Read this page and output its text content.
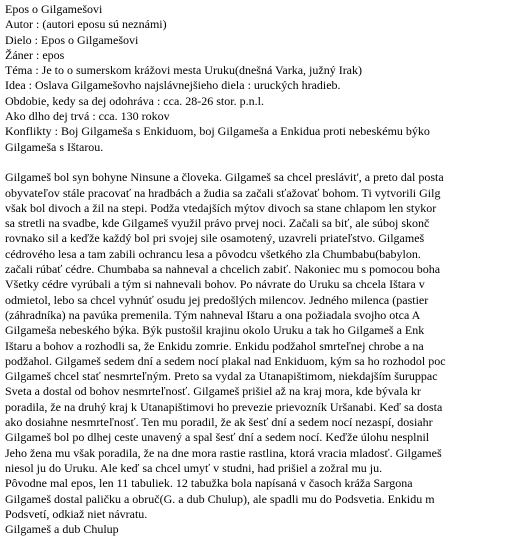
Epos o Gilgamešovi
Autor : (autori eposu sú neznámi)
Dielo : Epos o Gilgamešovi
Žáner : epos
Téma : Je to o sumerskom krážovi mesta Uruku(dnešná Varka, južný Irak)
Idea : Oslava Gilgamešovho najslávnejšieho diela : uruckých hradieb.
Obdobie, kedy sa dej odohráva : cca. 28-26 stor. p.n.l.
Ako dlho dej trvá : cca. 130 rokov
Konflikty : Boj Gilgameša s Enkiduom, boj Gilgameša a Enkidua proti nebeskému býko
Gilgameša s Ištarou.
Gilgameš bol syn bohyne Ninsune a človeka. Gilgameš sa chcel preslávit', a preto dal posta
obyvateľov stále pracovať na hradbách a žudia sa začali sťažovať bohom. Ti vytvorili Gilg
však bol divoch a žil na stepi. Podža vtedajších mýtov divoch sa stane chlapom len stykor
sa stretli na svadbe, kde Gilgameš využil právo prvej noci. Začali sa biť, ale súboj skonč
rovnako sil a keďže každý bol pri svojej sile osamotený, uzavreli priateľstvo. Gilgameš
cédrového lesa a tam zabili ochrancu lesa a pôvodcu všetkého zla Chumbabu(babylon.
začali rúbať cédre. Chumbaba sa nahneval a chcelich zabiť. Nakoniec mu s pomocou boha
Všetky cédre vyrúbali a tým si nahnevali bohov. Po návrate do Uruku sa chcela Ištara v
odmietol, lebo sa chcel vyhnúť osudu jej predošlých milencov. Jedného milenca (pastier
(záhradníka) na pavúka premenila. Tým nahneval Ištaru a ona požiadala svojho otca A
Gilgameša nebeského býka. Býk pustošil krajinu okolo Uruku a tak ho Gilgameš a Enk
Ištaru a bohov a rozhodli sa, že Enkidu zomrie. Enkidu podžahol smrteľnej chrobe a na
podžahol. Gilgameš sedem dní a sedem nocí plakal nad Enkiduom, kým sa ho rozhodol poc
Gilgameš chcel stať nesmrteľným. Preto sa vydal za Utanapištimom, niekdajším šuruppac
Sveta a dostal od bohov nesmrteľnosť. Gilgameš prišiel až na kraj mora, kde bývala kr
poradila, že na druhý kraj k Utanapištimovi ho prevezie prievozník Uršanabi. Keď sa dosta
ako dosiahne nesmrteľnosť. Ten mu poradil, že ak šesť dní a sedem nocí nezaspí, dosiahr
Gilgameš bol po dlhej ceste unavený a spal šesť dní a sedem nocí. Keďže úlohu nesplnil
Jeho žena mu však poradila, že na dne mora rastie rastlina, ktorá vracia mladosť. Gilgameš
niesol ju do Uruku. Ale keď sa chcel umyť v studni, had prišiel a zožral mu ju.
Pôvodne mal epos, len 11 tabuliek. 12 tabužka bola napísaná v časoch kráža Sargona
Gilgameš dostal paličku a obruč(G. a dub Chulup), ale spadli mu do Podsvetia. Enkidu m
Podsvetí, odkiaž niet návratu.
Gilgameš a dub Chulup
